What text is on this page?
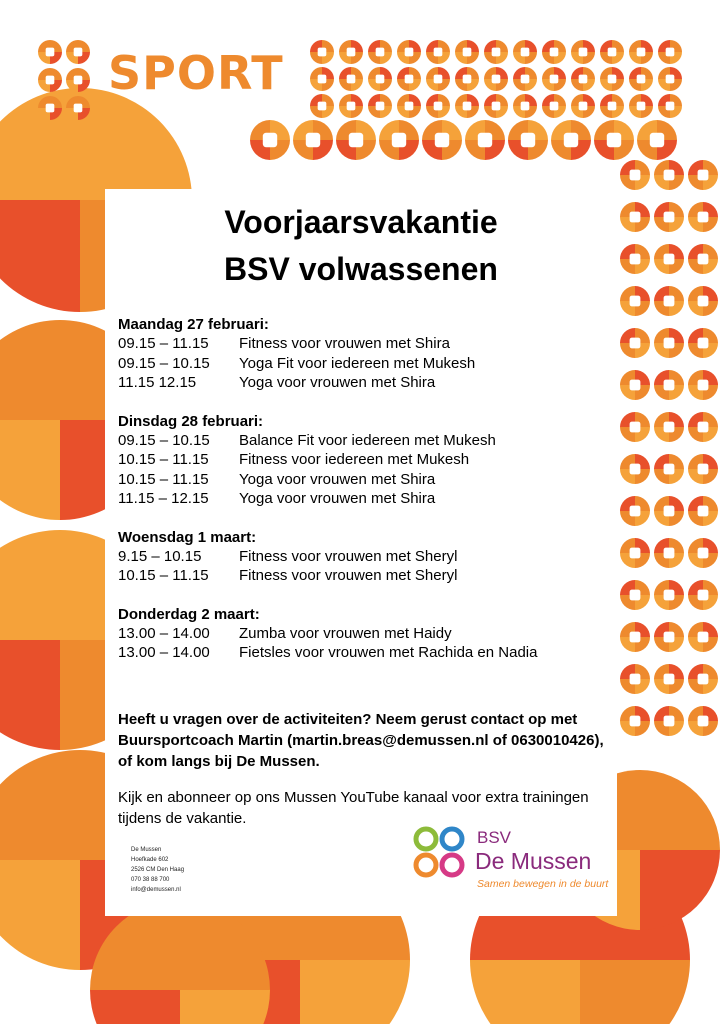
SPORT
Voorjaarsvakantie
BSV volwassenen
Maandag 27 februari:
09.15 – 11.15 Fitness voor vrouwen met Shira
09.15 – 10.15 Yoga Fit voor iedereen met Mukesh
11.15 12.15	Yoga voor vrouwen met Shira
Dinsdag 28 februari:
09.15 – 10.15 Balance Fit voor iedereen met Mukesh
10.15 – 11.15 Fitness voor iedereen met Mukesh
10.15 – 11.15 Yoga voor vrouwen met Shira
11.15 – 12.15 Yoga voor vrouwen met Shira
Woensdag 1 maart:
9.15 – 10.15	Fitness voor vrouwen met Sheryl
10.15 – 11.15 Fitness voor vrouwen met Sheryl
Donderdag 2 maart:
13.00 – 14.00 Zumba voor vrouwen met Haidy
13.00 – 14.00 Fietsles voor vrouwen met Rachida en Nadia
Heeft u vragen over de activiteiten? Neem gerust contact op met Buursportcoach Martin (martin.breas@demussen.nl of 0630010426), of kom langs bij De Mussen.
Kijk en abonneer op ons Mussen YouTube kanaal voor extra trainingen tijdens de vakantie.
De Mussen
Hoefkade 602
2526 CM Den Haag
070 38 88 700
info@demussen.nl
BSV
De Mussen
Samen bewegen in de buurt
